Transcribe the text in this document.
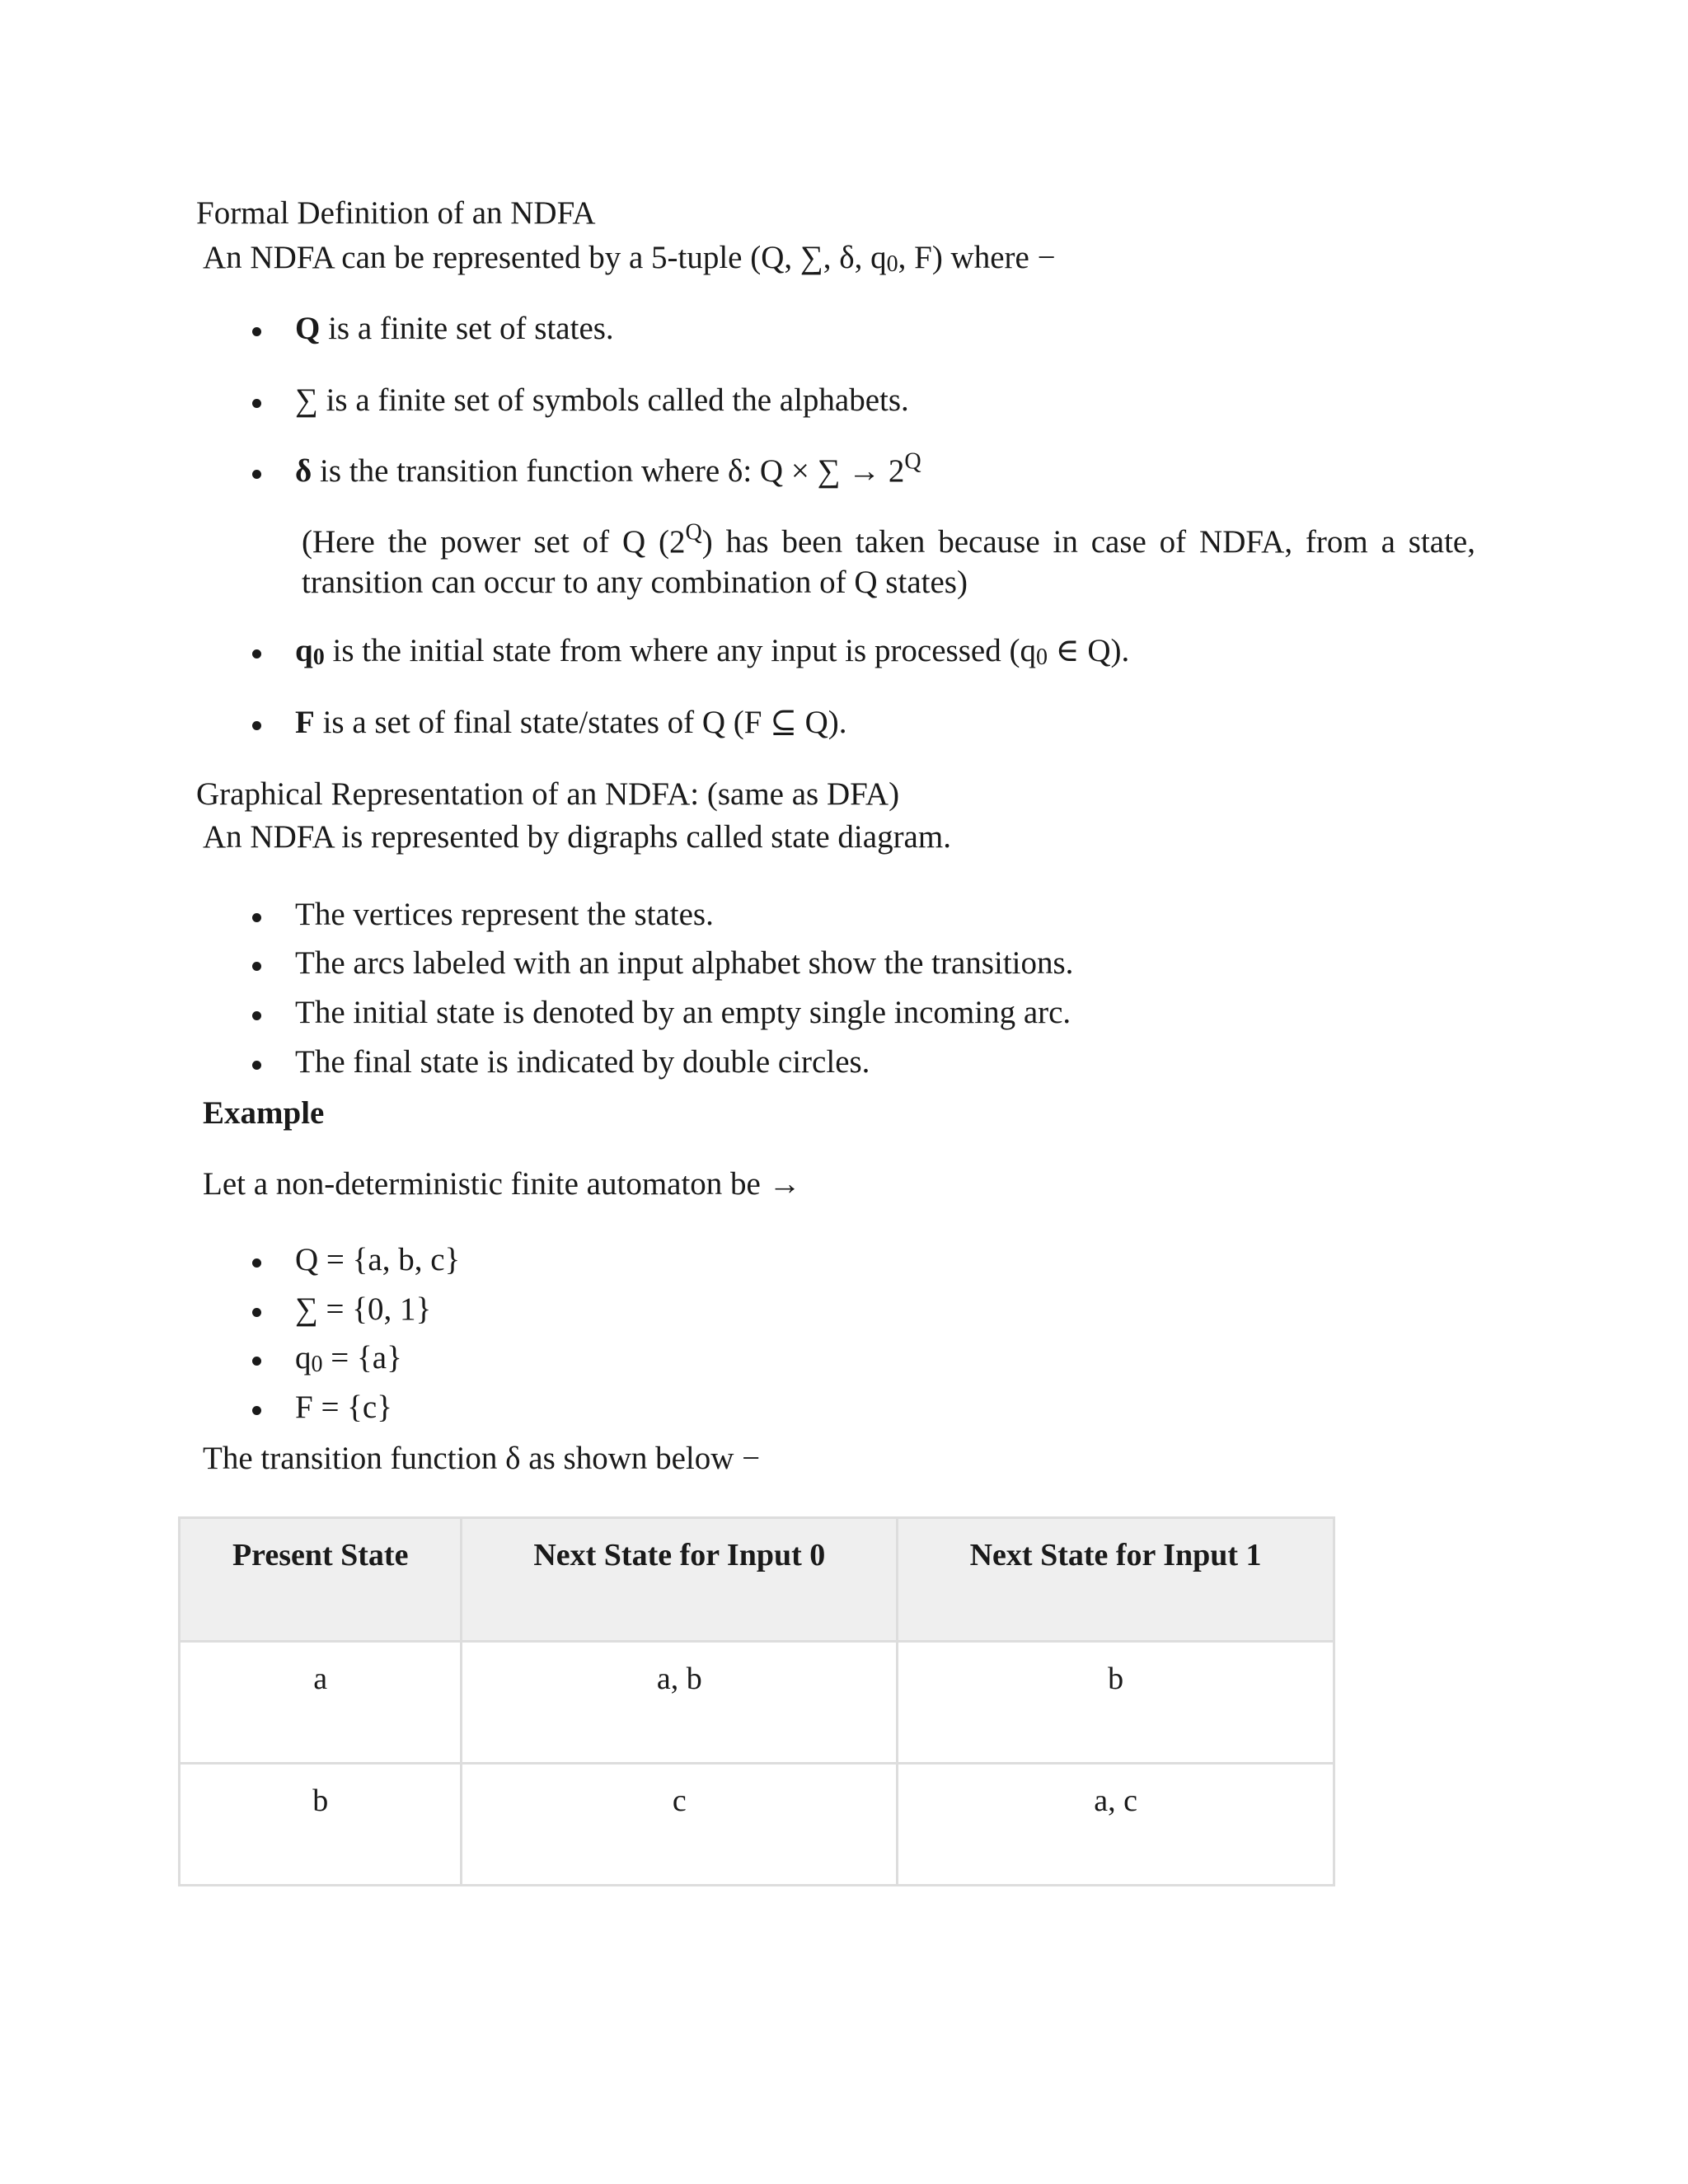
Formal Definition of an NDFA
An NDFA can be represented by a 5-tuple (Q, ∑, δ, $q_0$, F) where −
Q is a finite set of states.
∑ is a finite set of symbols called the alphabets.
δ is the transition function where δ: Q × ∑ → $2^Q$
(Here the power set of Q $(2^Q)$ has been taken because in case of NDFA, from a state, transition can occur to any combination of Q states)
$q_0$ is the initial state from where any input is processed ($q_0$ ∈ Q).
F is a set of final state/states of Q (F ⊆ Q).
Graphical Representation of an NDFA: (same as DFA)
An NDFA is represented by digraphs called state diagram.
The vertices represent the states.
The arcs labeled with an input alphabet show the transitions.
The initial state is denoted by an empty single incoming arc.
The final state is indicated by double circles.
Example
Let a non-deterministic finite automaton be →
Q = {a, b, c}
∑ = {0, 1}
$q_0 = \{a\}$
F = {c}
The transition function δ as shown below −
Present State	Next State for Input 0	Next State for Input 1
a	a, b	b
b	c	a, c
